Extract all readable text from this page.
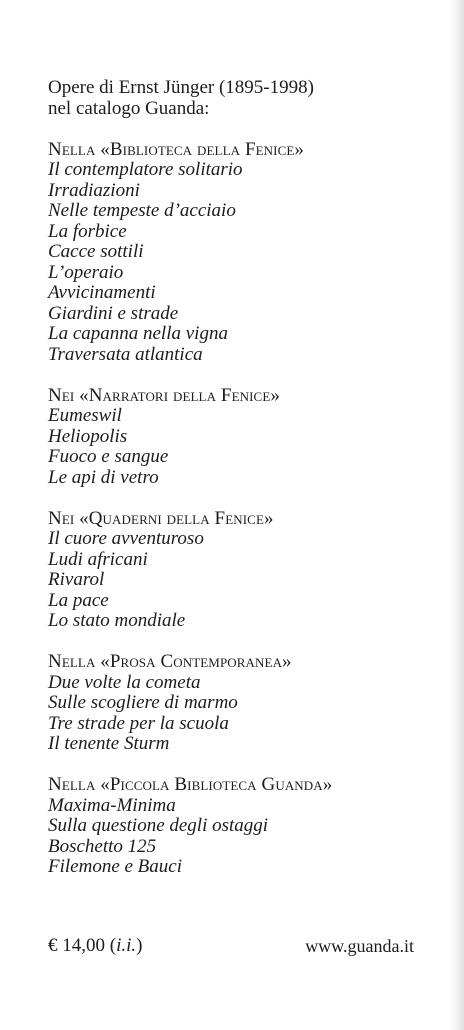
Opere di Ernst Jünger (1895-1998)
nel catalogo Guanda:
Nella «Biblioteca della Fenice»
Il contemplatore solitario
Irradiazioni
Nelle tempeste d’acciaio
La forbice
Cacce sottili
L’operaio
Avvicinamenti
Giardini e strade
La capanna nella vigna
Traversata atlantica
Nei «Narratori della Fenice»
Eumeswil
Heliopolis
Fuoco e sangue
Le api di vetro
Nei «Quaderni della Fenice»
Il cuore avventuroso
Ludi africani
Rivarol
La pace
Lo stato mondiale
Nella «Prosa Contemporanea»
Due volte la cometa
Sulle scogliere di marmo
Tre strade per la scuola
Il tenente Sturm
Nella «Piccola Biblioteca Guanda»
Maxima-Minima
Sulla questione degli ostaggi
Boschetto 125
Filemone e Bauci
€ 14,00 (i.i.)	www.guanda.it
